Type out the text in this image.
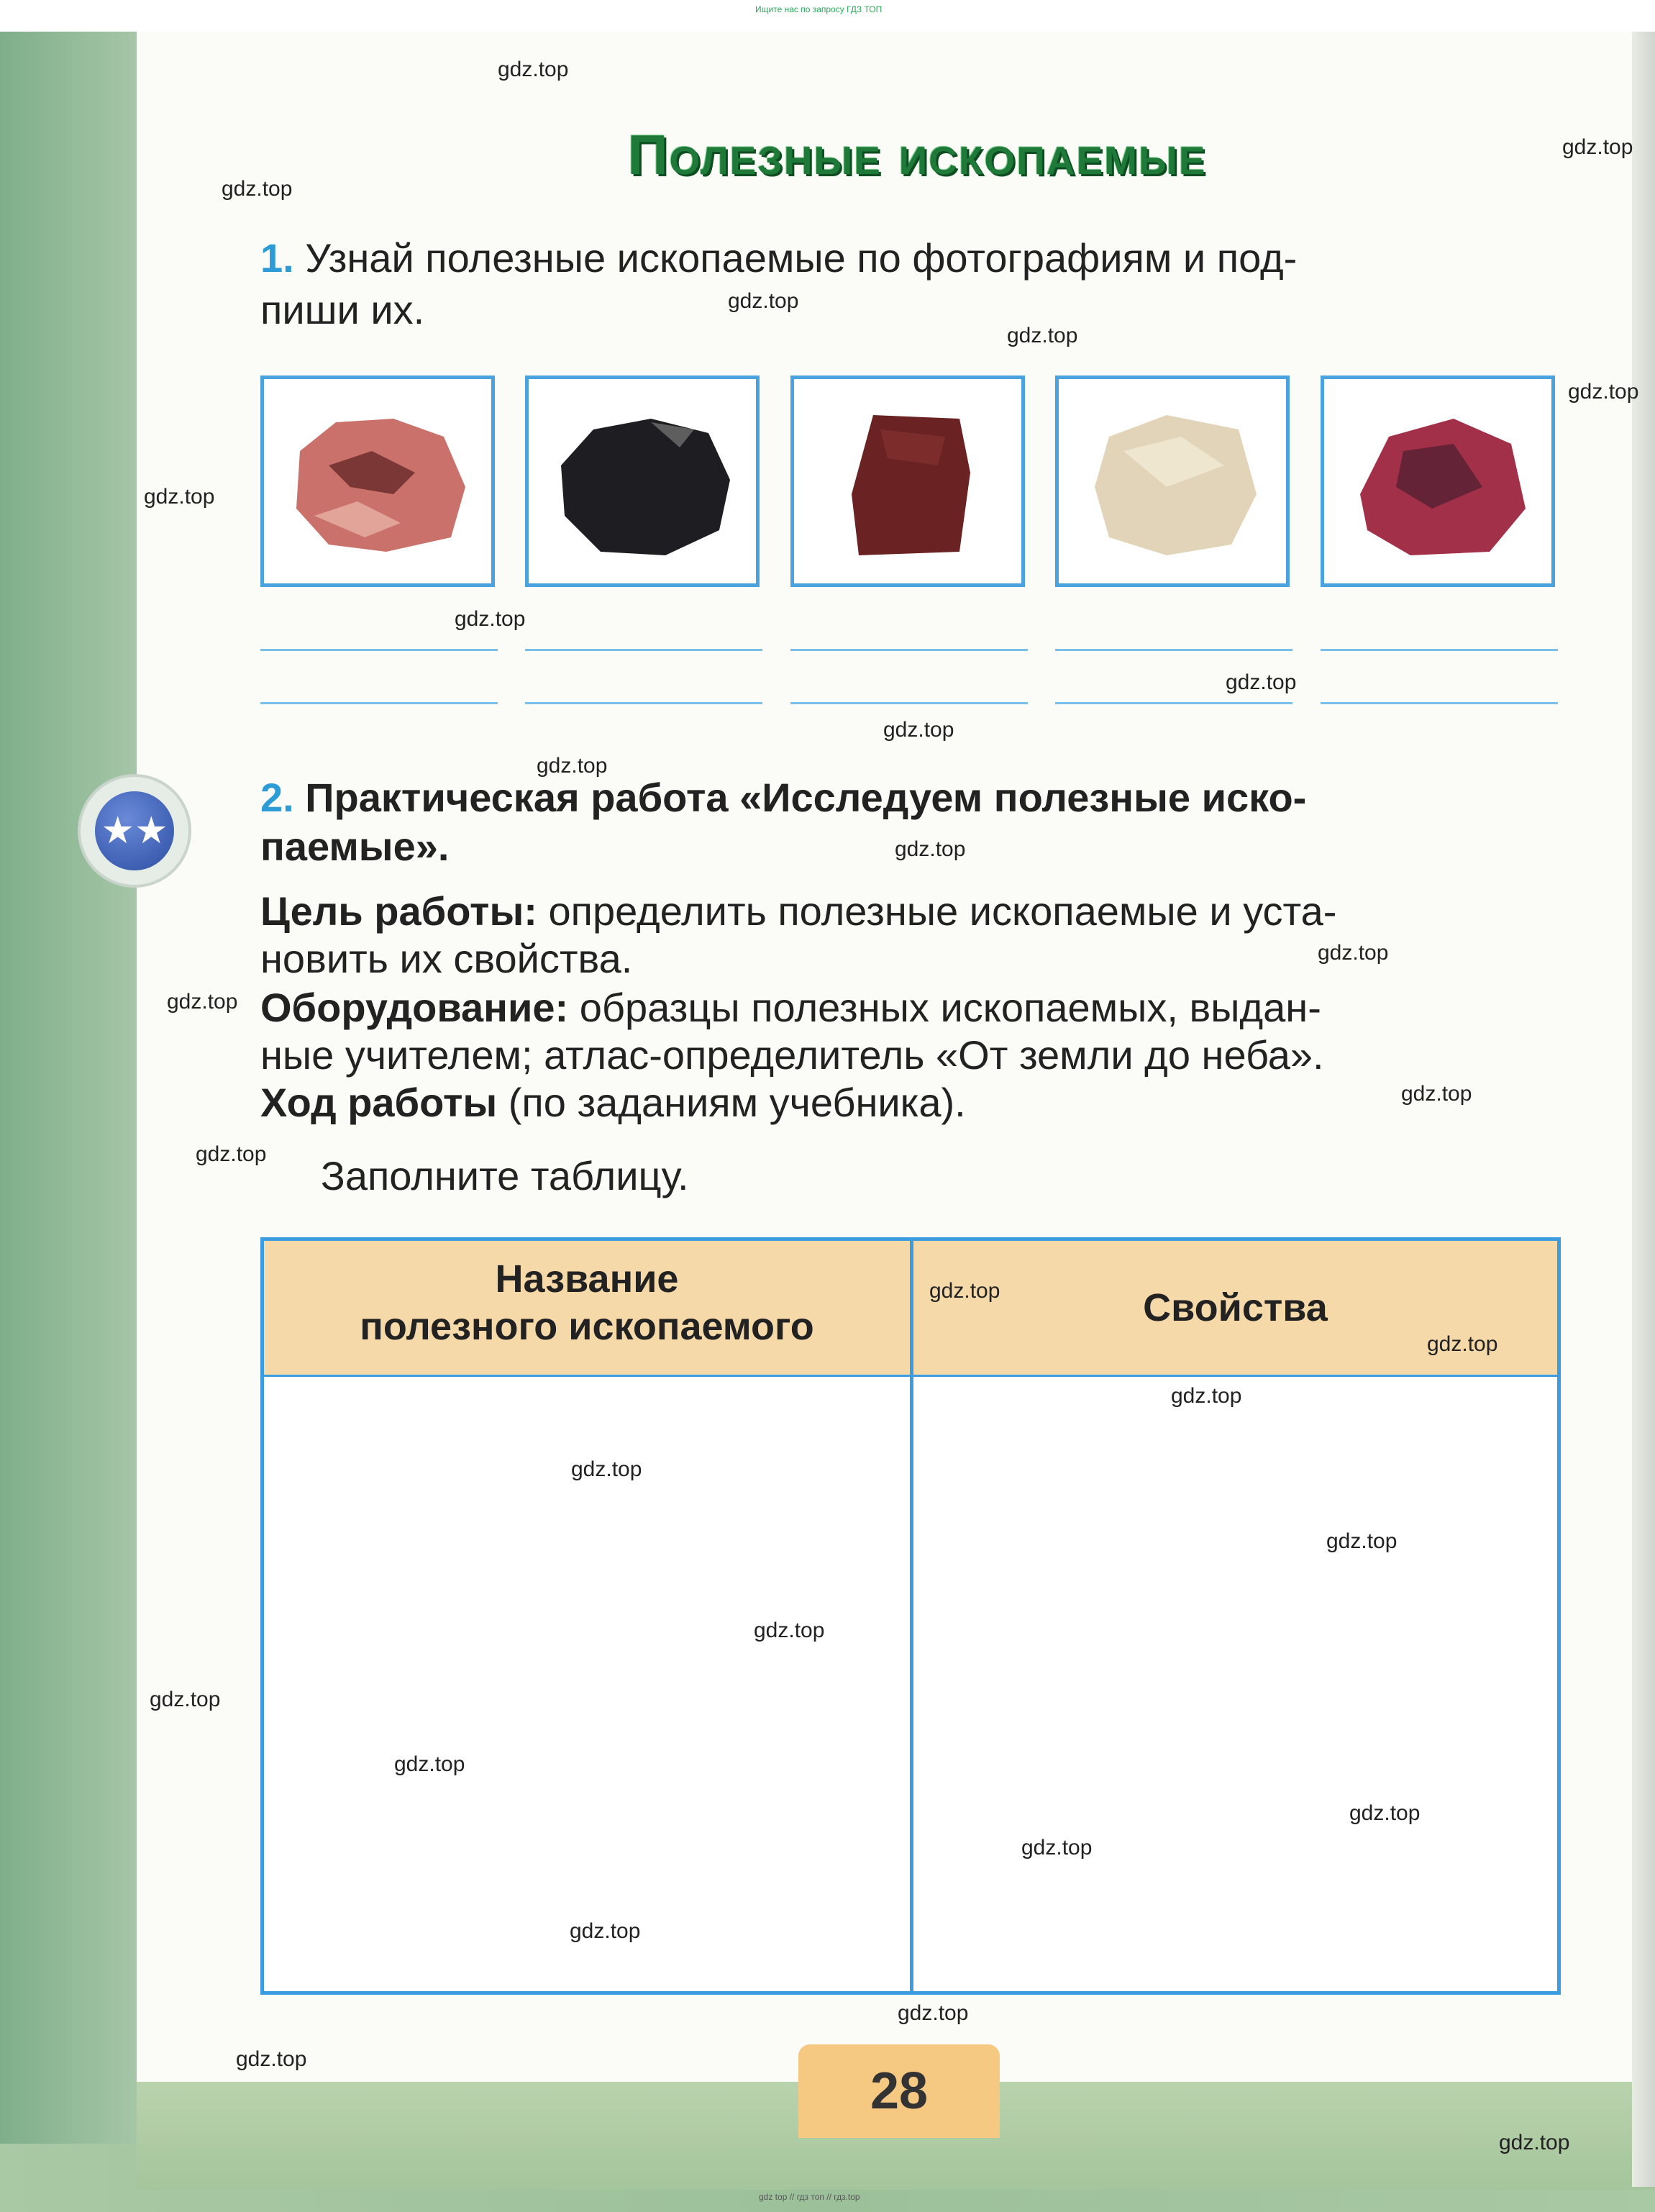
Ищите нас по запросу ГДЗ ТОП
gdz top // гдз топ // гдз.top
Полезные ископаемые
1. Узнай полезные ископаемые по фотографиям и под-
пиши их.
★★
2. Практическая работа «Исследуем полезные иско-
паемые».
Цель работы: определить полезные ископаемые и уста-
новить их свойства.
Оборудование: образцы полезных ископаемых, выдан-
ные учителем; атлас-определитель «От земли до неба».
Ход работы (по заданиям учебника).
Заполните таблицу.
Название
полезного ископаемого	Свойства
28
gdz.top
gdz.top
gdz.top
gdz.top
gdz.top
gdz.top
gdz.top
gdz.top
gdz.top
gdz.top
gdz.top
gdz.top
gdz.top
gdz.top
gdz.top
gdz.top
gdz.top
gdz.top
gdz.top
gdz.top
gdz.top
gdz.top
gdz.top
gdz.top
gdz.top
gdz.top
gdz.top
gdz.top
gdz.top
gdz.top
